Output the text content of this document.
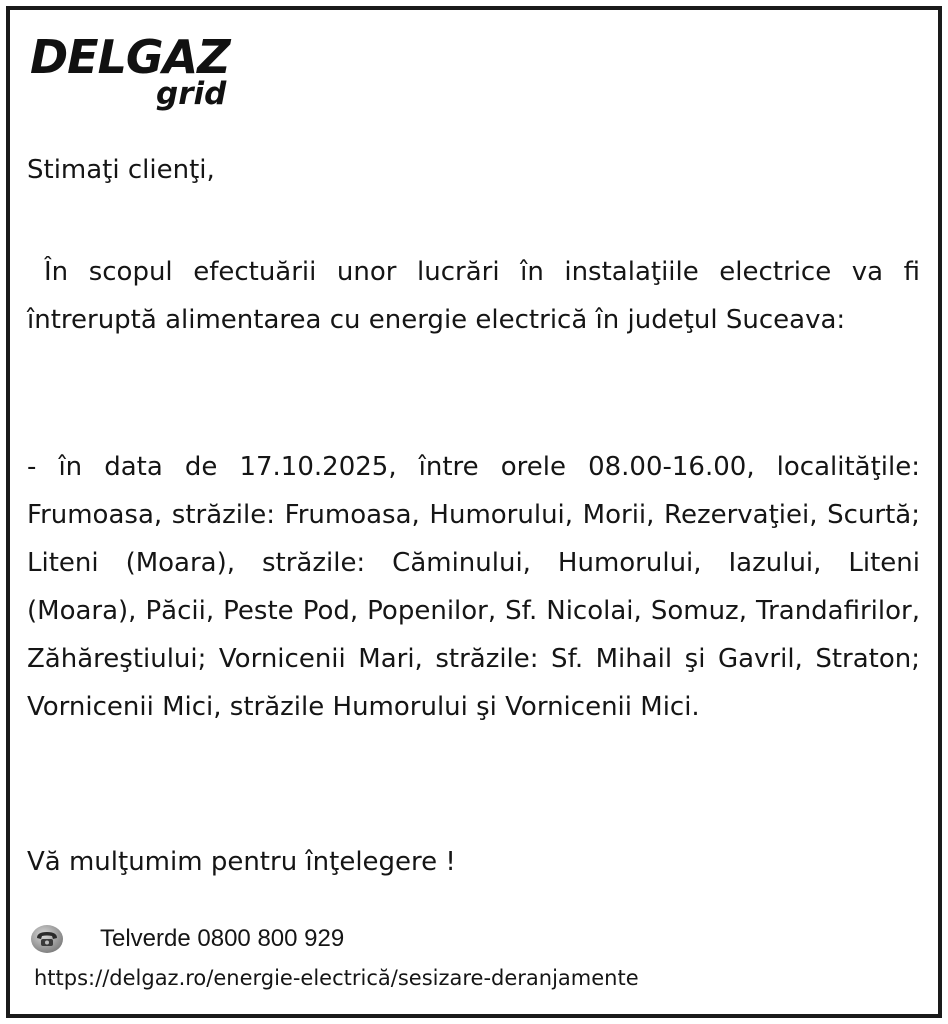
DELGAZ
grid
Stimaţi clienţi,
În scopul efectuării unor lucrări în instalaţiile electrice va fi întreruptă alimentarea cu energie electrică în judeţul Suceava:
- în data de 17.10.2025, între orele 08.00-16.00, localităţile: Frumoasa, străzile: Frumoasa, Humorului, Morii, Rezervaţiei, Scurtă; Liteni (Moara), străzile: Căminului, Humorului, Iazului, Liteni (Moara), Păcii, Peste Pod, Popenilor, Sf. Nicolai, Somuz, Trandafirilor, Zăhăreştiului; Vornicenii Mari, străzile: Sf. Mihail şi Gavril, Straton; Vornicenii Mici, străzile Humorului şi Vornicenii Mici.
Vă mulţumim pentru înţelegere !
Telverde 0800 800 929
https://delgaz.ro/energie-electrică/sesizare-deranjamente
